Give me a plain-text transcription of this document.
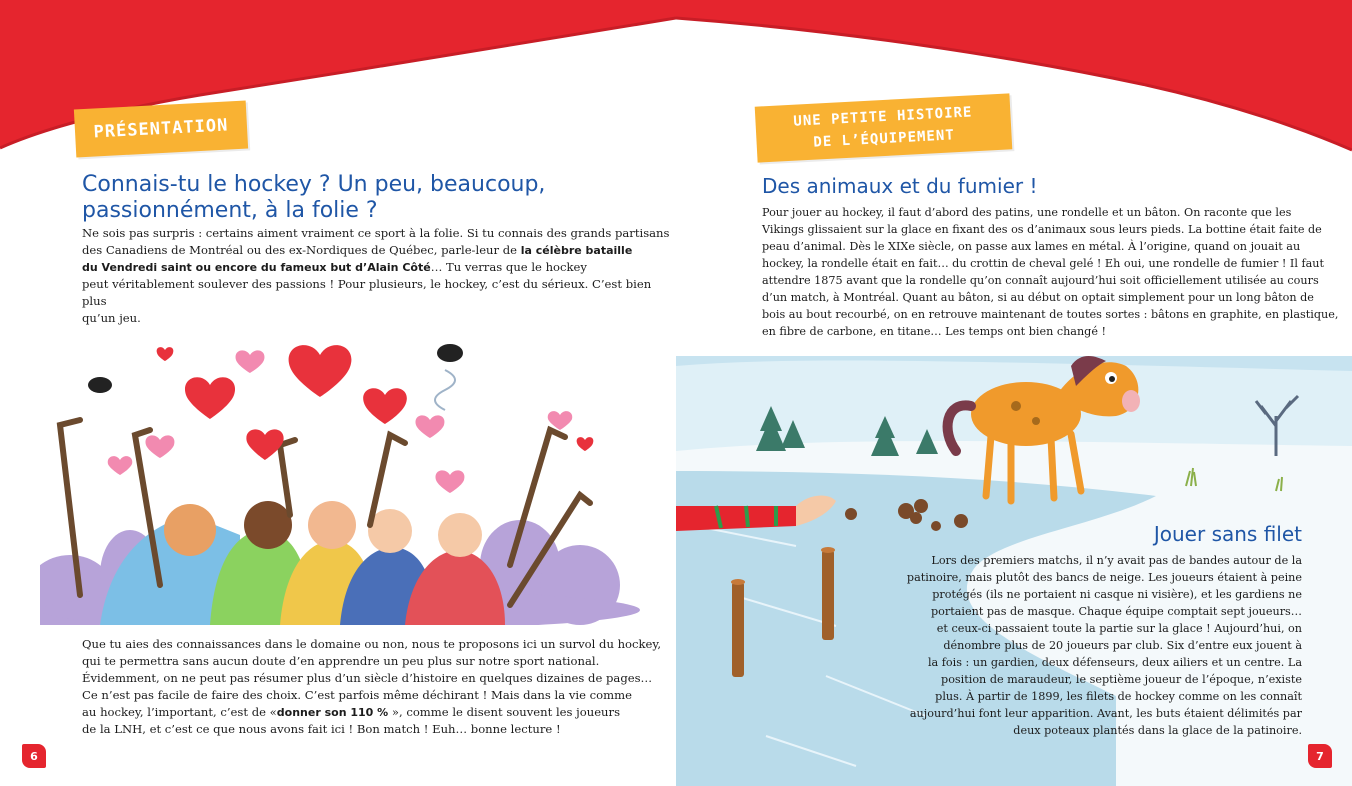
PRÉSENTATION
Connais-tu le hockey ? Un peu, beaucoup,
passionnément, à la folie ?

Ne sois pas surpris : certains aiment vraiment ce sport à la folie. Si tu connais des grands partisans
des Canadiens de Montréal ou des ex-Nordiques de Québec, parle-leur de la célèbre bataille
du Vendredi saint ou encore du fameux but d’Alain Côté… Tu verras que le hockey
peut véritablement soulever des passions ! Pour plusieurs, le hockey, c’est du sérieux. C’est bien plus
qu’un jeu.

Que tu aies des connaissances dans le domaine ou non, nous te proposons ici un survol du hockey,
qui te permettra sans aucun doute d’en apprendre un peu plus sur notre sport national.
Évidemment, on ne peut pas résumer plus d’un siècle d’histoire en quelques dizaines de pages…
Ce n’est pas facile de faire des choix. C’est parfois même déchirant ! Mais dans la vie comme
au hockey, l’important, c’est de «donner son 110 % », comme le disent souvent les joueurs
de la LNH, et c’est ce que nous avons fait ici ! Bon match ! Euh… bonne lecture !

6
UNE PETITE HISTOIRE
DE L’ÉQUIPEMENT
Des animaux et du fumier !

Pour jouer au hockey, il faut d’abord des patins, une rondelle et un bâton. On raconte que les
Vikings glissaient sur la glace en fixant des os d’animaux sous leurs pieds. La bottine était faite de
peau d’animal. Dès le XIXe siècle, on passe aux lames en métal. À l’origine, quand on jouait au
hockey, la rondelle était en fait… du crottin de cheval gelé ! Eh oui, une rondelle de fumier ! Il faut
attendre 1875 avant que la rondelle qu’on connaît aujourd’hui soit officiellement utilisée au cours
d’un match, à Montréal. Quant au bâton, si au début on optait simplement pour un long bâton de
bois au bout recourbé, on en retrouve maintenant de toutes sortes : bâtons en graphite, en plastique,
en fibre de carbone, en titane… Les temps ont bien changé !

Jouer sans filet

Lors des premiers matchs, il n’y avait pas de bandes autour de la
patinoire, mais plutôt des bancs de neige. Les joueurs étaient à peine
protégés (ils ne portaient ni casque ni visière), et les gardiens ne
portaient pas de masque. Chaque équipe comptait sept joueurs…
et ceux-ci passaient toute la partie sur la glace ! Aujourd’hui, on
dénombre plus de 20 joueurs par club. Six d’entre eux jouent à
la fois : un gardien, deux défenseurs, deux ailiers et un centre. La
position de maraudeur, le septième joueur de l’époque, n’existe
plus. À partir de 1899, les filets de hockey comme on les connaît
aujourd’hui font leur apparition. Avant, les buts étaient délimités par
deux poteaux plantés dans la glace de la patinoire.

7
